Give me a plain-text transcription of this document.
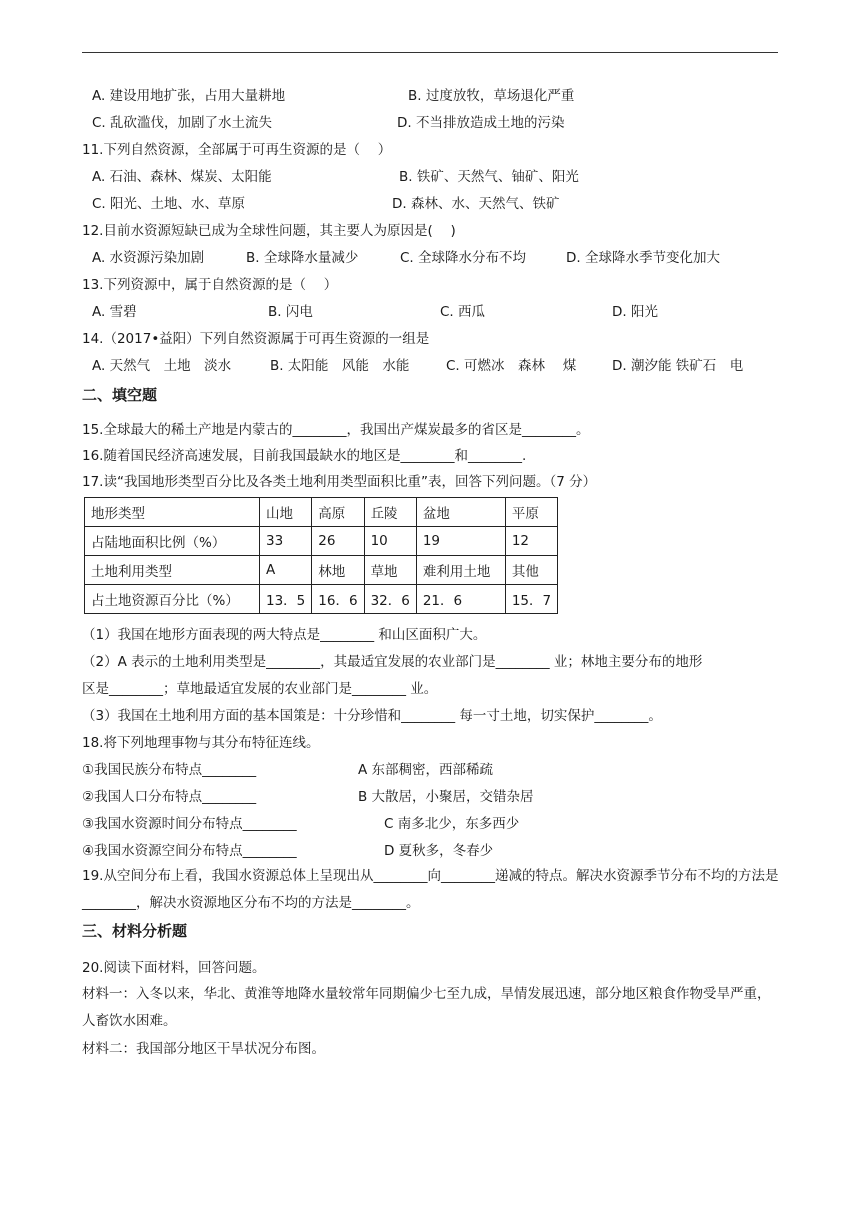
A. 建设用地扩张，占用大量耕地	B. 过度放牧，草场退化严重
C. 乱砍滥伐，加剧了水土流失	D. 不当排放造成土地的污染
11.下列自然资源，全部属于可再生资源的是（　 ）
A. 石油、森林、煤炭、太阳能	B. 铁矿、天然气、铀矿、阳光
C. 阳光、土地、水、草原	D. 森林、水、天然气、铁矿
12.目前水资源短缺已成为全球性问题，其主要人为原因是(　 )
A. 水资源污染加剧	B. 全球降水量减少	C. 全球降水分布不均	D. 全球降水季节变化加大
13.下列资源中，属于自然资源的是（　 ）
A. 雪碧	B. 闪电	C. 西瓜	D. 阳光
14.（2017•益阳）下列自然资源属于可再生资源的一组是
A. 天然气　土地　淡水	B. 太阳能　风能　水能	C. 可燃冰　森林　 煤	D. 潮汐能 铁矿石　电
二、填空题
15.全球最大的稀土产地是内蒙古的________，我国出产煤炭最多的省区是________。
16.随着国民经济高速发展，目前我国最缺水的地区是________和________.
17.读“我国地形类型百分比及各类土地利用类型面积比重”表，回答下列问题。（7 分）
地形类型	山地	高原	丘陵	盆地	平原
占陆地面积比例（%）	33	26	10	19	12
土地利用类型	A	林地	草地	难利用土地	其他
占土地资源百分比（%）	13．5	16．6	32．6	21．6	15．7
（1）我国在地形方面表现的两大特点是________ 和山区面积广大。
（2）A 表示的土地利用类型是________，其最适宜发展的农业部门是________ 业；林地主要分布的地形
区是________；草地最适宜发展的农业部门是________ 业。
（3）我国在土地利用方面的基本国策是：十分珍惜和________ 每一寸土地，切实保护________。
18.将下列地理事物与其分布特征连线。
①我国民族分布特点________	A 东部稠密，西部稀疏
②我国人口分布特点________	B 大散居，小聚居，交错杂居
③我国水资源时间分布特点________	C 南多北少，东多西少
④我国水资源空间分布特点________	D 夏秋多，冬春少
19.从空间分布上看，我国水资源总体上呈现出从________向________递减的特点。解决水资源季节分布不均的方法是________，解决水资源地区分布不均的方法是________。
三、材料分析题
20.阅读下面材料，回答问题。
材料一：入冬以来，华北、黄淮等地降水量较常年同期偏少七至九成，旱情发展迅速，部分地区粮食作物受旱严重，人畜饮水困难。
材料二：我国部分地区干旱状况分布图。
